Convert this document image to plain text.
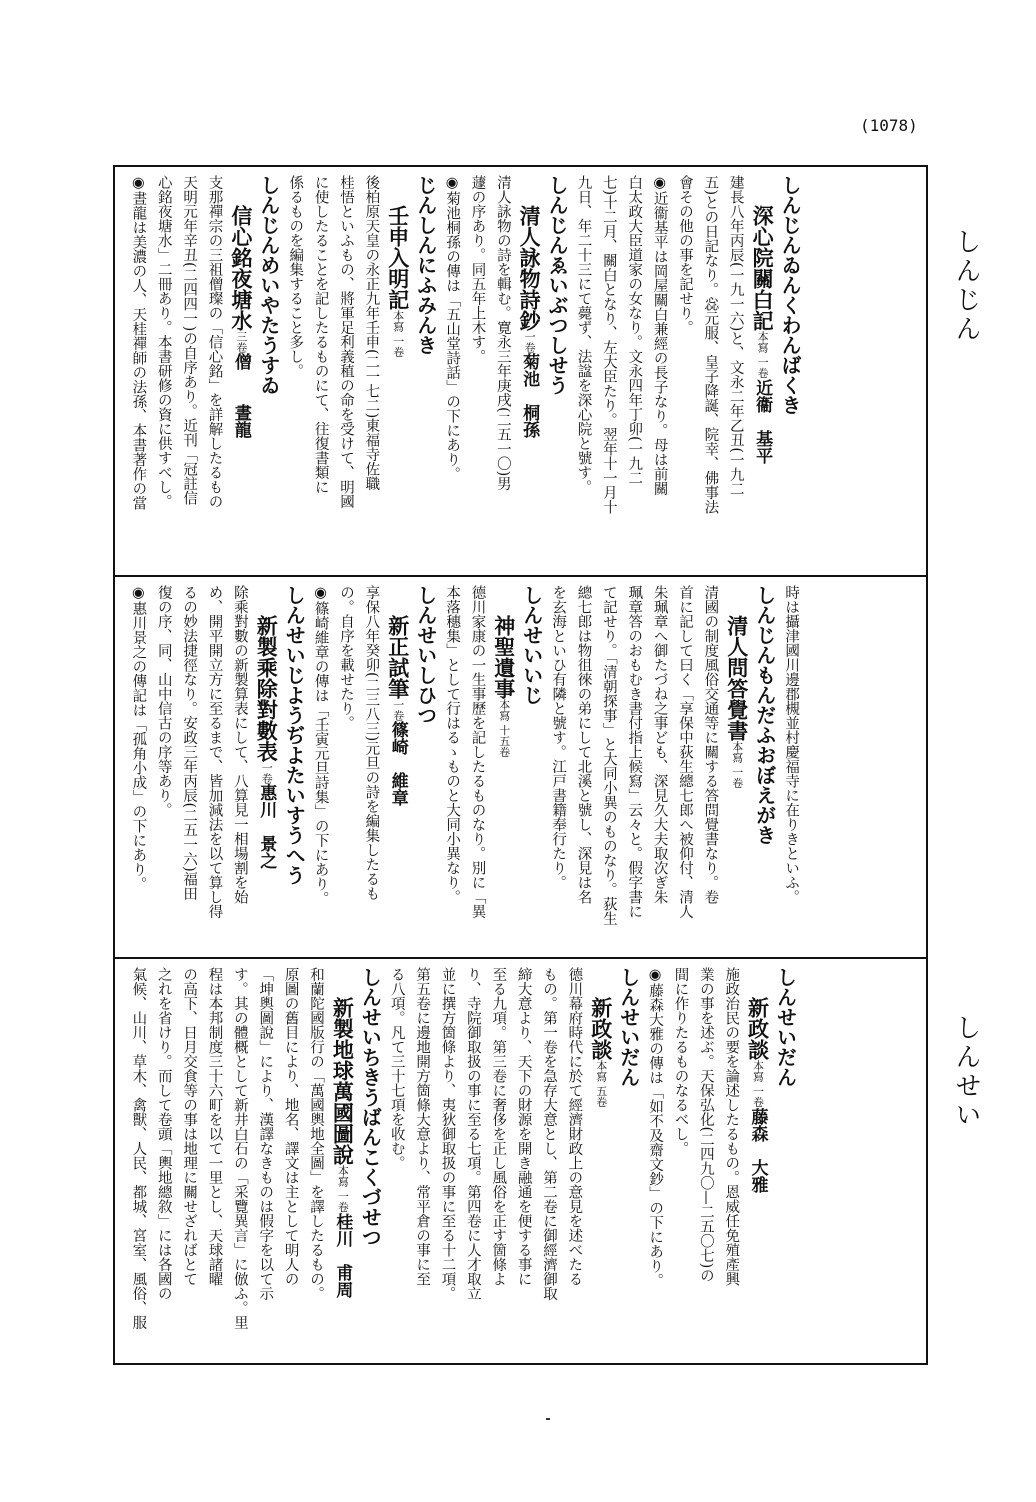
(1078)
しんじん
しんせい
しんじんゐんくわんばくき
深心院關白記本寫 一卷近衞　基平
建長八年丙辰(一九一六)と、文永二年乙丑(一九二
五)との日記なり。惢元服、皇子降誕、院幸、佛事法
會その他の事を記せり。
◉近衞基平は岡屋關白兼經の長子なり。母は前關
白太政大臣道家の女なり。文永四年丁卯(一九二
七)十二月、關白となり、左大臣たり。翌年十一月十
九日、年二十三にて薨ず、法諡を深心院と號す。
しんじんゑいぶつしせう
清人詠物詩鈔一卷菊池　桐孫
清人詠物の詩を輯む。寛永三年庚戌(二五一〇)男
蘧の序あり。同五年上木す。
◉菊池桐孫の傳は「五山堂詩話」の下にあり。
じんしんにふみんき
壬申入明記本寫 一卷
後柏原天皇の永正九年壬申(二一七二)東福寺佐職
桂悟といふもの、將軍足利義稙の命を受けて、明國
に使したることを記したるものにて、往復書類に
係るものを編集すること多し。
しんじんめいやたうすゐ
信心銘夜塘水三卷僧　　晝龍
支那禪宗の三祖僧璨の「信心銘」を詳解したるもの
天明元年辛丑(二四四一)の自序あり。近刊「冠註信
心銘夜塘水」二冊あり。本書研修の資に供すべし。
◉晝龍は美濃の人、天桂禪師の法孫、本書著作の當
時は攝津國川邊郡槻並村慶福寺に在りきといふ。
しんじんもんだふおぼえがき
清人問答覺書本寫 一卷
清國の制度風俗交通等に關する答問覺書なり。卷
首に記して曰く「享保中荻生總七郎へ被仰付、清人
朱珮章へ御たづね之事ども、深見久大夫取次ぎ朱
珮章答のおもむき書付指上候寫」云々と。假字書に
て記せり。「清朝探事」と大同小異のものなり。荻生
總七郎は物徂徠の弟にして北溪と號し、深見は名
を玄海といひ有隣と號す。江戸書籍奉行たり。
しんせいいじ
神聖遺事本寫 十五卷
德川家康の一生事歷を記したるものなり。別に「異
本落穗集」として行はるゝものと大同小異なり。
しんせいしひつ
新正試筆一卷篠崎　維章
享保八年癸卯(二三八三)元旦の詩を編集したるも
の。自序を載せたり。
◉篠崎維章の傳は「壬寅元旦詩集」の下にあり。
しんせいじようぢよたいすうへう
新製乘除對數表一卷惠川　景之
除乘對數の新製算表にして、八算見一相場割を始
め、開平開立方に至るまで、皆加減法を以て算し得
るの妙法捷徑なり。安政三年丙辰(二五一六)福田
復の序、同、山中信古の序等あり。
◉惠川景之の傳記は「孤角小成」の下にあり。
しんせいだん
新政談本寫 一卷藤森　大雅
施政治民の要を論述したるもの。恩威任免殖產興
業の事を述ぶ。天保弘化(二四九〇—二五〇七)の
間に作りたるものなるべし。
◉藤森大雅の傳は「如不及齋文鈔」の下にあり。
しんせいだん
新政談本寫 五卷
德川幕府時代に於て經濟財政上の意見を述べたる
もの。第一卷を急存大意とし、第二卷に御經濟御取
締大意より、天下の財源を開き融通を便する事に
至る九項。第三卷に奢侈を正し風俗を正す箇條よ
り、寺院御取扱の事に至る七項。第四卷に人才取立
並に撰方箇條より、夷狄御取扱の事に至る十二項。
第五卷に邊地開方箇條大意より、常平倉の事に至
る八項。凡て三十七項を收む。
しんせいちきうばんこくづせつ
新製地球萬國圖說本寫 一卷桂川　甫周
和蘭陀國版行の「萬國輿地全圖」を譯したるもの。
原圖の舊目により、地名、譯文は主として明人の
「坤輿圖說」により、漢譯なきものは假字を以て示
す。其の體概として新井白石の「采覽異言」に倣ふ。里
程は本邦制度三十六町を以て一里とし、天球諸曜
の高下、日月交食等の事は地理に關せざればとて
之れを省けり。而して卷頭「輿地總敘」には各國の
氣候、山川、草木、禽獸、人民、都城、宮室、風俗、服
